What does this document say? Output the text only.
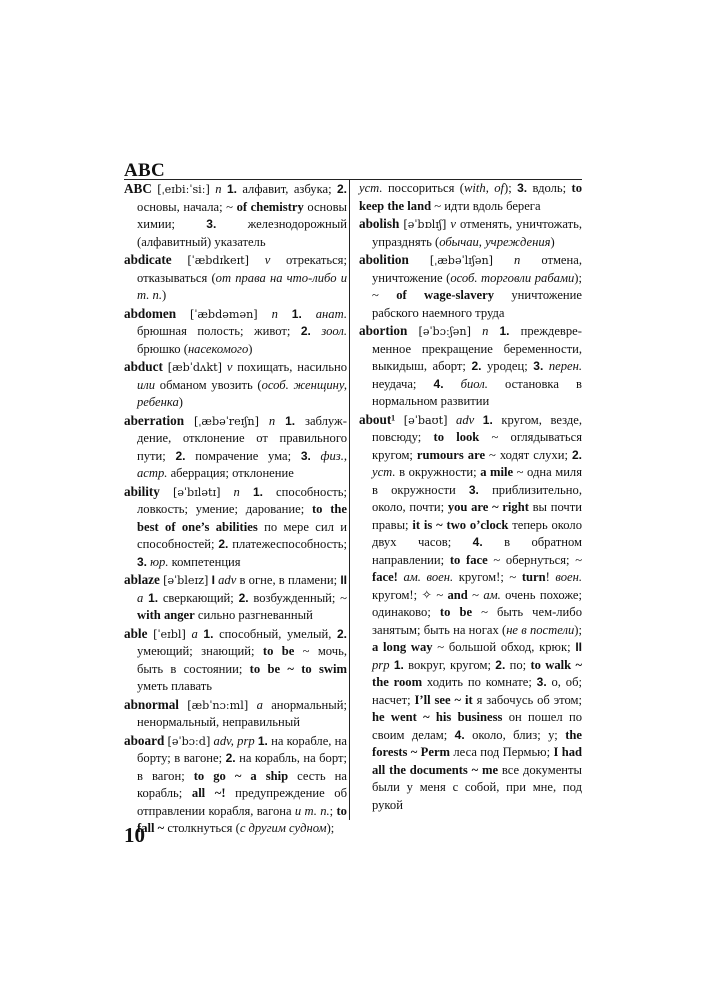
ABC

ABC [ˌeɪbiːˈsiː] n 1. алфавит, азбука; 2. основы, начала; ~ of chemistry основы химии; 3. железнодорожный (алфавитный) указатель

abdicate [ˈæbdɪkeɪt] v отрекаться; отказываться (от права на что-либо и т. п.)

abdomen [ˈæbdəmən] n 1. анат. брюшная полость; живот; 2. зоол. брюшко (насекомого)

abduct [æbˈdʌkt] v похищать, насильно или обманом увозить (особ. женщину, ребенка)

aberration [ˌæbəˈreɪʃn] n 1. заблуждение, отклонение от правильного пути; 2. помрачение ума; 3. физ., астр. аберрация; отклонение

ability [əˈbɪlətɪ] n 1. способность; ловкость; умение; дарование; to the best of one’s abilities по мере сил и способностей; 2. платежеспособность; 3. юр. компетенция

ablaze [əˈbleɪz] I adv в огне, в пламени; II a 1. сверкающий; 2. возбужденный; ~ with anger сильно разгневанный

able [ˈeɪbl] a 1. способный, умелый, 2. умеющий; знающий; to be ~ мочь, быть в состоянии; to be ~ to swim уметь плавать

abnormal [æbˈnɔːml] a анормальный; ненормальный, неправильный

aboard [əˈbɔːd] adv, prp 1. на корабле, на борту; в вагоне; 2. на корабль, на борт; в вагон; to go ~ a ship сесть на корабль; all ~! предупреждение об отправлении корабля, вагона и т. п.; to fall ~ столкнуться (с другим судном);

уст. поссориться (with, of); 3. вдоль; to keep the land ~ идти вдоль берега

abolish [əˈbɒlɪʃ] v отменять, уничтожать, упразднять (обычаи, учреждения)

abolition [ˌæbəˈlɪʃən] n отмена, уничтожение (особ. торговли рабами); ~ of wage-slavery уничтожение рабского наемного труда

abortion [əˈbɔːʃən] n 1. преждевременное прекращение беременности, выкидыш, аборт; 2. уродец; 3. перен. неудача; 4. биол. остановка в нормальном развитии

about¹ [əˈbaʊt] adv 1. кругом, везде, повсюду; to look ~ оглядываться кругом; rumours are ~ ходят слухи; 2. уст. в окружности; a mile ~ одна миля в окружности 3. приблизительно, около, почти; you are ~ right вы почти правы; it is ~ two o’clock теперь около двух часов; 4. в обратном направлении; to face ~ обернуться; ~ face! ам. воен. кругом!; ~ turn! воен. кругом!; ✧ ~ and ~ ам. очень похоже; одинаково; to be ~ быть чем-либо занятым; быть на ногах (не в постели); a long way ~ большой обход, крюк; II prp 1. вокруг, кругом; 2. по; to walk ~ the room ходить по комнате; 3. о, об; насчет; I’ll see ~ it я забочусь об этом; he went ~ his business он пошел по своим делам; 4. около, близ; у; the forests ~ Perm леса под Пермью; I had all the documents ~ me все документы были у меня с собой, при мне, под рукой

10
